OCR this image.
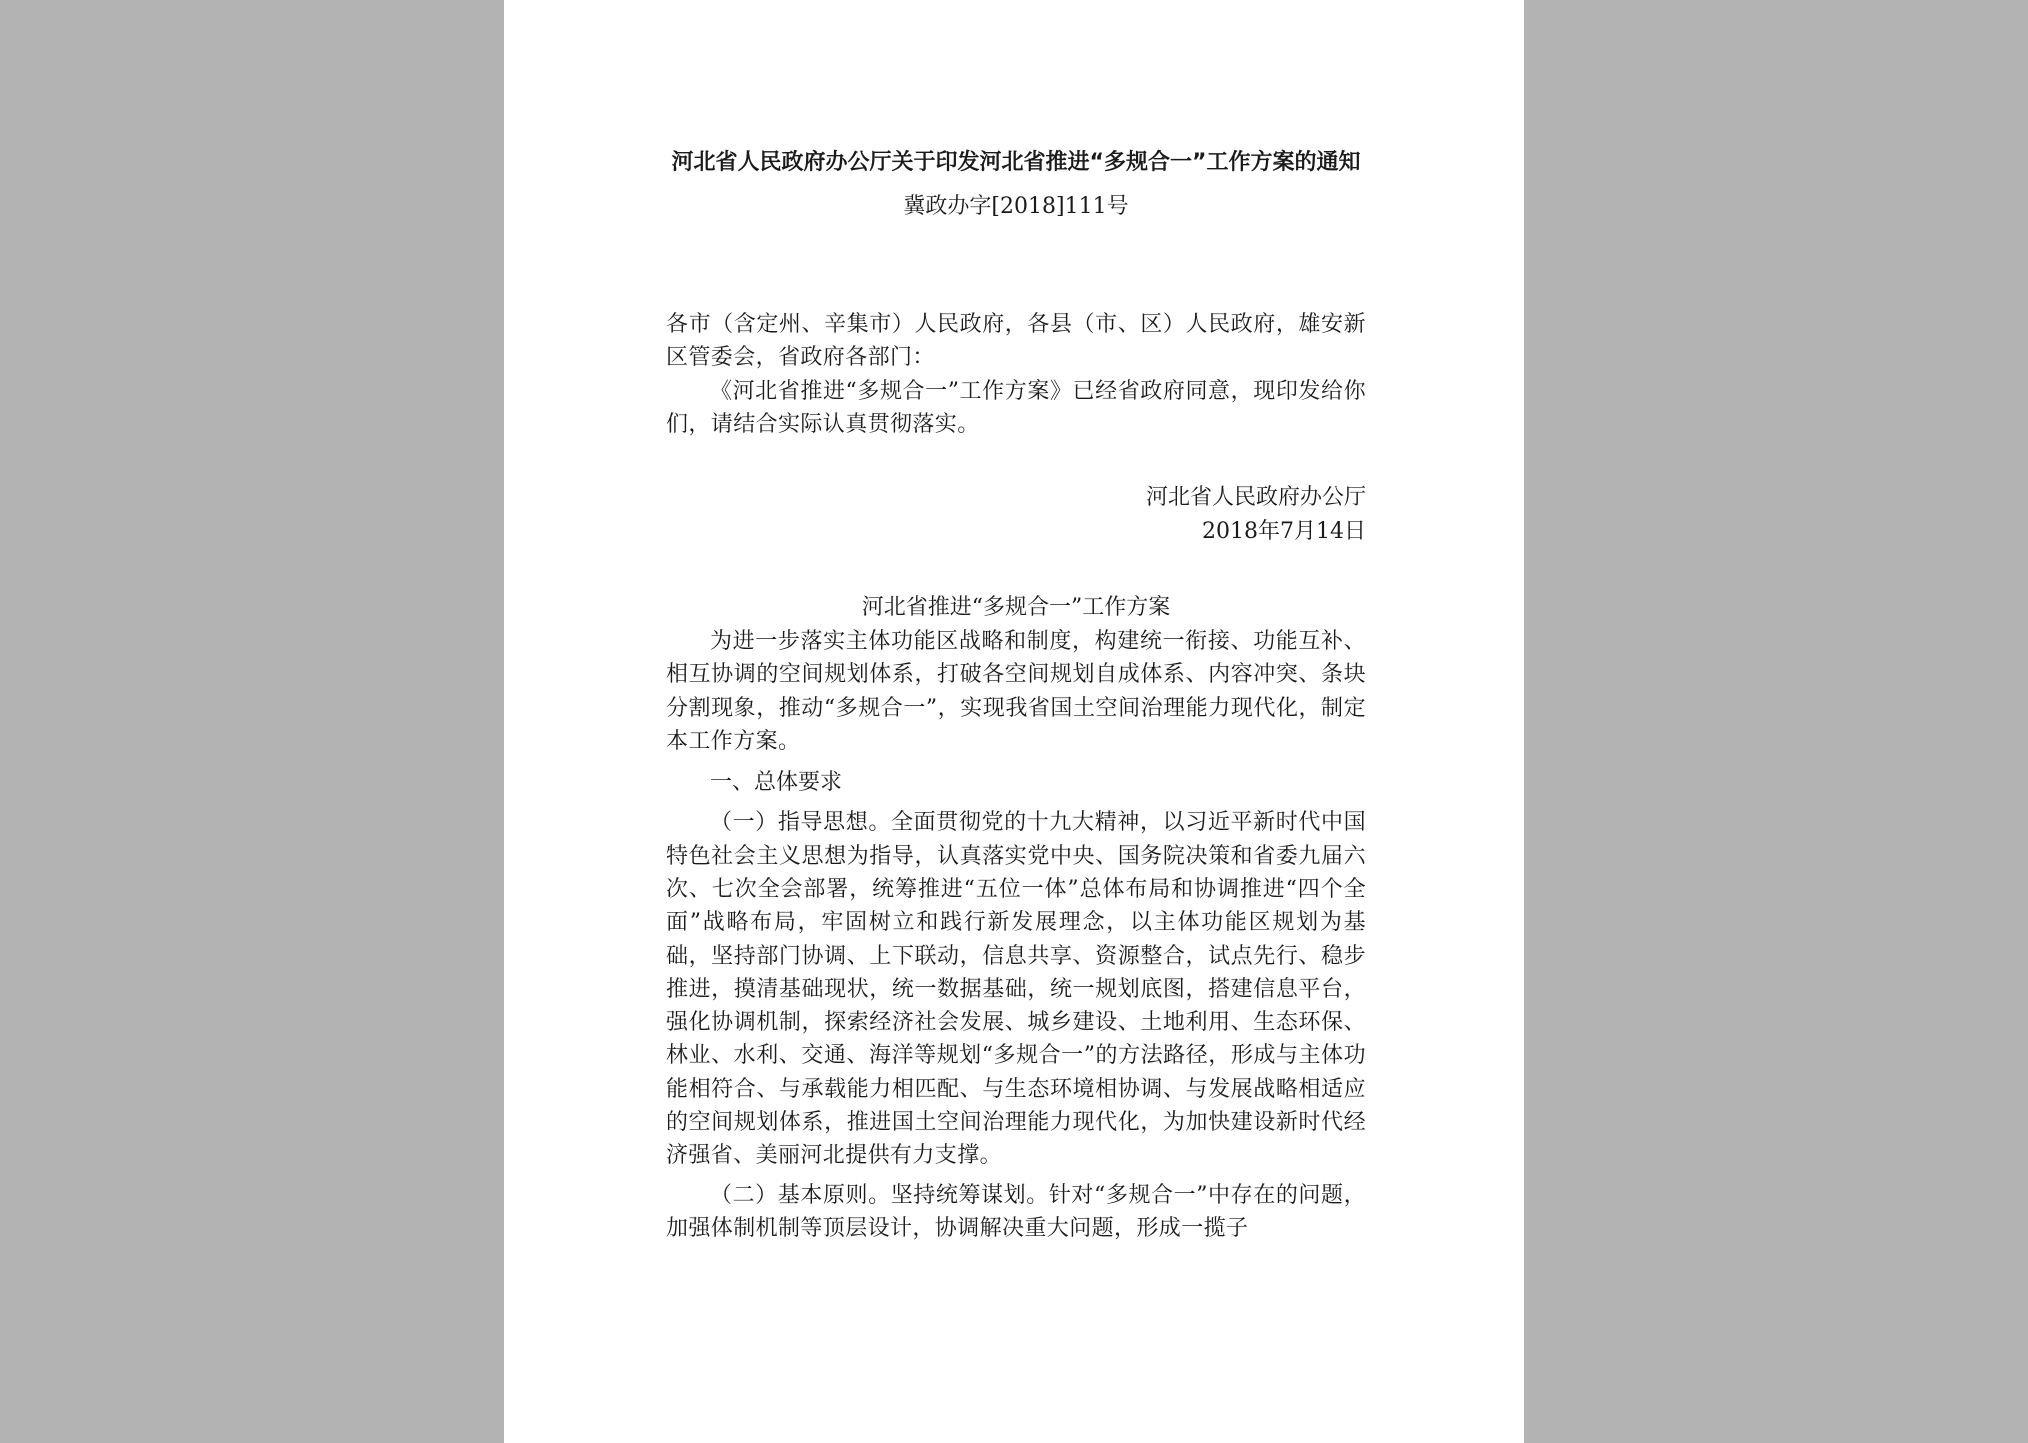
河北省人民政府办公厅关于印发河北省推进“多规合一”工作方案的通知

冀政办字[2018]111号

各市（含定州、辛集市）人民政府，各县（市、区）人民政府，雄安新区管委会，省政府各部门：

《河北省推进“多规合一”工作方案》已经省政府同意，现印发给你们，请结合实际认真贯彻落实。

河北省人民政府办公厅

2018年7月14日

河北省推进“多规合一”工作方案

为进一步落实主体功能区战略和制度，构建统一衔接、功能互补、相互协调的空间规划体系，打破各空间规划自成体系、内容冲突、条块分割现象，推动“多规合一”，实现我省国土空间治理能力现代化，制定本工作方案。

一、总体要求

（一）指导思想。全面贯彻党的十九大精神，以习近平新时代中国特色社会主义思想为指导，认真落实党中央、国务院决策和省委九届六次、七次全会部署，统筹推进“五位一体”总体布局和协调推进“四个全面”战略布局，牢固树立和践行新发展理念，以主体功能区规划为基础，坚持部门协调、上下联动，信息共享、资源整合，试点先行、稳步推进，摸清基础现状，统一数据基础，统一规划底图，搭建信息平台，强化协调机制，探索经济社会发展、城乡建设、土地利用、生态环保、林业、水利、交通、海洋等规划“多规合一”的方法路径，形成与主体功能相符合、与承载能力相匹配、与生态环境相协调、与发展战略相适应的空间规划体系，推进国土空间治理能力现代化，为加快建设新时代经济强省、美丽河北提供有力支撑。

（二）基本原则。坚持统筹谋划。针对“多规合一”中存在的问题，加强体制机制等顶层设计，协调解决重大问题，形成一揽子
